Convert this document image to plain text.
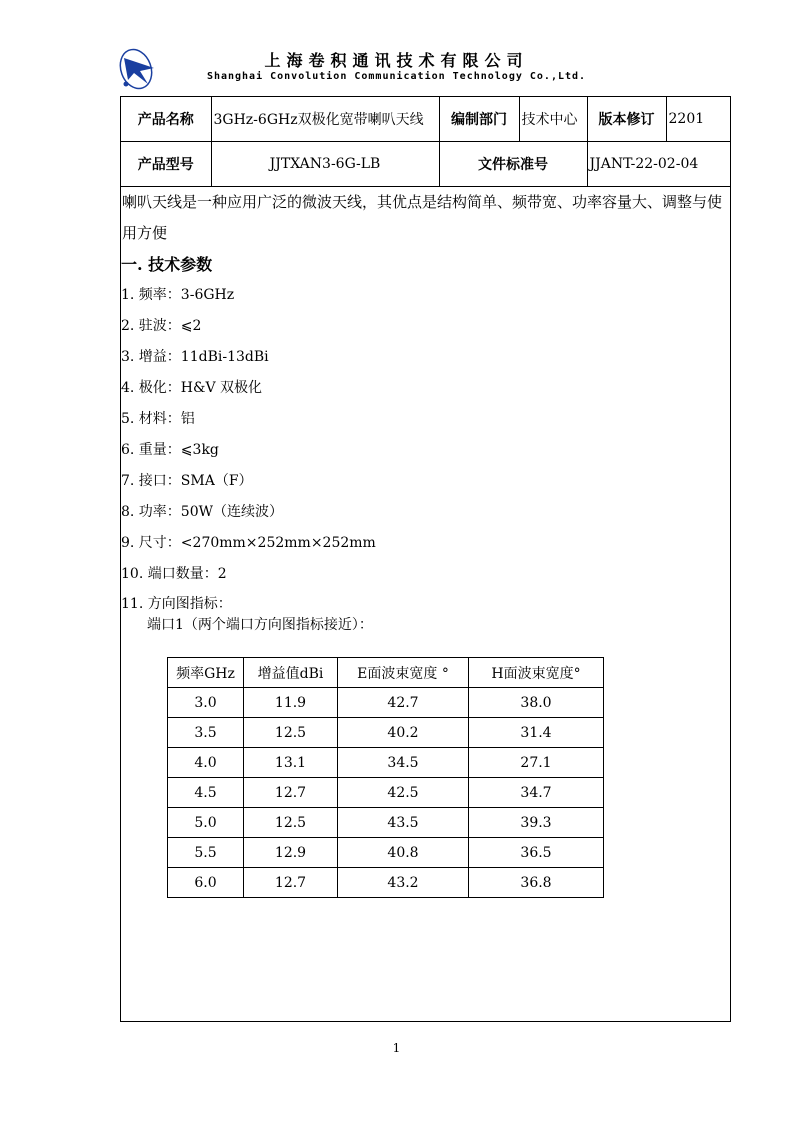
上海卷积通讯技术有限公司
Shanghai Convolution Communication Technology Co.,Ltd.
产品名称	3GHz-6GHz双极化宽带喇叭天线	编制部门	技术中心	版本修订	2201
产品型号	JJTXAN3-6G-LB	文件标准号		JJANT-22-02-04	

喇叭天线是一种应用广泛的微波天线，其优点是结构简单、频带宽、功率容量大、调整与使用方便

一. 技术参数

1. 频率：3-6GHz

2. 驻波：⩽2

3. 增益：11dBi-13dBi

4. 极化：H&V 双极化

5. 材料：铝

6. 重量：⩽3kg

7. 接口：SMA（F）

8. 功率：50W（连续波）

9. 尺寸：<270mm×252mm×252mm

10. 端口数量：2

11. 方向图指标：

端口1（两个端口方向图指标接近）：

频率GHz	增益值dBi	E面波束宽度 °	H面波束宽度°
3.0	11.9	42.7	38.0
3.5	12.5	40.2	31.4
4.0	13.1	34.5	27.1
4.5	12.7	42.5	34.7
5.0	12.5	43.5	39.3
5.5	12.9	40.8	36.5
6.0	12.7	43.2	36.8
1
